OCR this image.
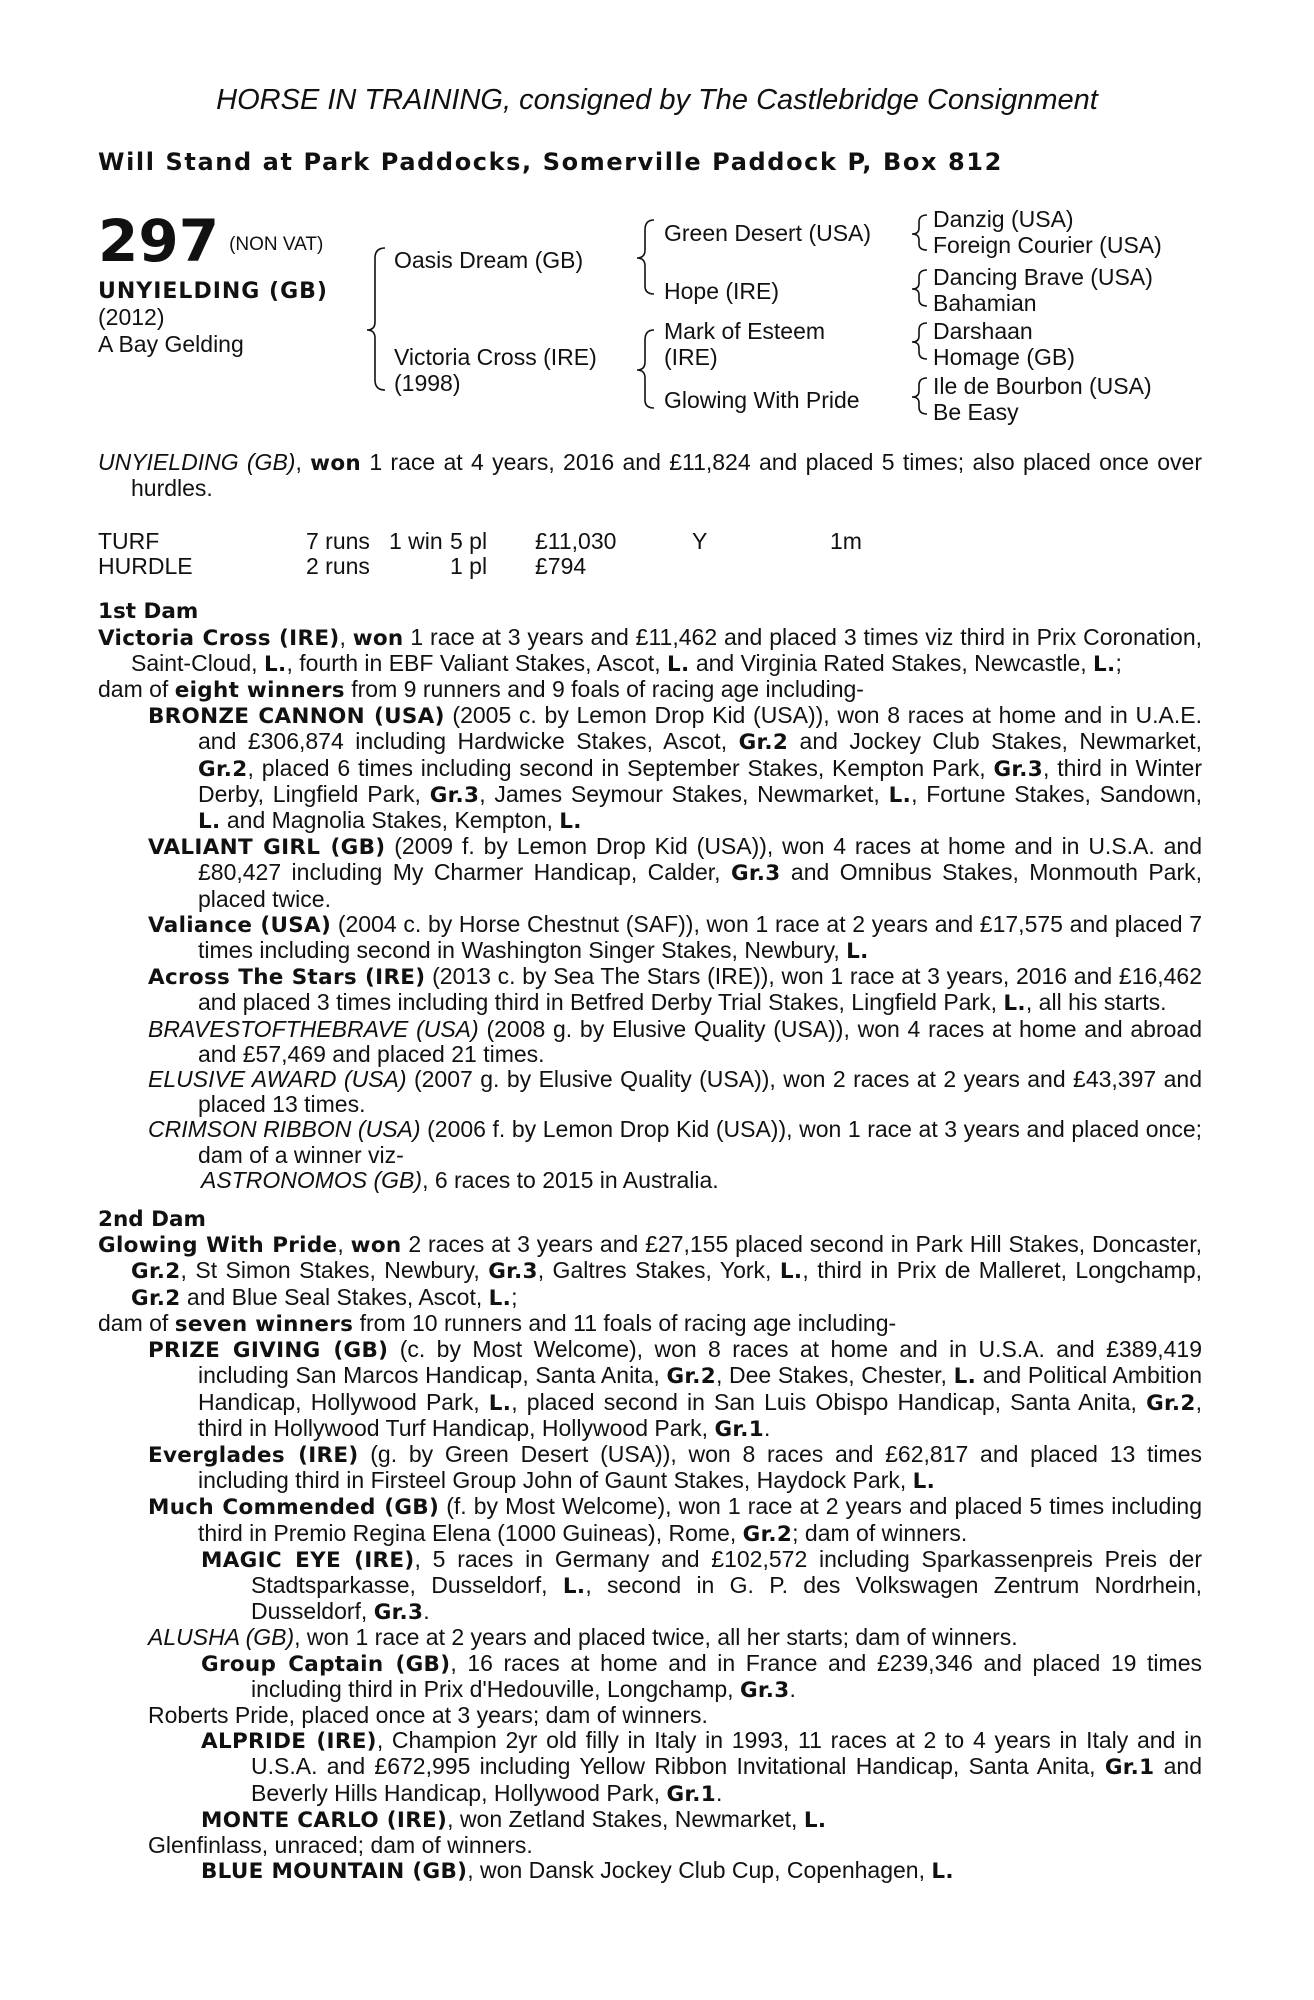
HORSE IN TRAINING, consigned by The Castlebridge Consignment
Will Stand at Park Paddocks, Somerville Paddock P, Box 812
297 (NON VAT)
UNYIELDING (GB)
(2012)
A Bay Gelding
Oasis Dream (GB)
Victoria Cross (IRE)
(1998)
Green Desert (USA)
Hope (IRE)
Mark of Esteem
(IRE)
Glowing With Pride
Danzig (USA)
Foreign Courier (USA)
Dancing Brave (USA)
Bahamian
Darshaan
Homage (GB)
Ile de Bourbon (USA)
Be Easy

UNYIELDING (GB), won 1 race at 4 years, 2016 and £11,824 and placed 5 times; also placed once over hurdles.

TURF	7 runs	1 win	5 pl	£11,030	Y	1m
HURDLE	2 runs		1 pl	£794		
1st Dam

Victoria Cross (IRE), won 1 race at 3 years and £11,462 and placed 3 times viz third in Prix Coronation, Saint-Cloud, L., fourth in EBF Valiant Stakes, Ascot, L. and Virginia Rated Stakes, Newcastle, L.;

dam of eight winners from 9 runners and 9 foals of racing age including-

BRONZE CANNON (USA) (2005 c. by Lemon Drop Kid (USA)), won 8 races at home and in U.A.E. and £306,874 including Hardwicke Stakes, Ascot, Gr.2 and Jockey Club Stakes, Newmarket, Gr.2, placed 6 times including second in September Stakes, Kempton Park, Gr.3, third in Winter Derby, Lingfield Park, Gr.3, James Seymour Stakes, Newmarket, L., Fortune Stakes, Sandown, L. and Magnolia Stakes, Kempton, L.

VALIANT GIRL (GB) (2009 f. by Lemon Drop Kid (USA)), won 4 races at home and in U.S.A. and £80,427 including My Charmer Handicap, Calder, Gr.3 and Omnibus Stakes, Monmouth Park, placed twice.

Valiance (USA) (2004 c. by Horse Chestnut (SAF)), won 1 race at 2 years and £17,575 and placed 7 times including second in Washington Singer Stakes, Newbury, L.

Across The Stars (IRE) (2013 c. by Sea The Stars (IRE)), won 1 race at 3 years, 2016 and £16,462 and placed 3 times including third in Betfred Derby Trial Stakes, Lingfield Park, L., all his starts.

BRAVESTOFTHEBRAVE (USA) (2008 g. by Elusive Quality (USA)), won 4 races at home and abroad and £57,469 and placed 21 times.

ELUSIVE AWARD (USA) (2007 g. by Elusive Quality (USA)), won 2 races at 2 years and £43,397 and placed 13 times.

CRIMSON RIBBON (USA) (2006 f. by Lemon Drop Kid (USA)), won 1 race at 3 years and placed once; dam of a winner viz-

ASTRONOMOS (GB), 6 races to 2015 in Australia.

2nd Dam

Glowing With Pride, won 2 races at 3 years and £27,155 placed second in Park Hill Stakes, Doncaster, Gr.2, St Simon Stakes, Newbury, Gr.3, Galtres Stakes, York, L., third in Prix de Malleret, Longchamp, Gr.2 and Blue Seal Stakes, Ascot, L.;

dam of seven winners from 10 runners and 11 foals of racing age including-

PRIZE GIVING (GB) (c. by Most Welcome), won 8 races at home and in U.S.A. and £389,419 including San Marcos Handicap, Santa Anita, Gr.2, Dee Stakes, Chester, L. and Political Ambition Handicap, Hollywood Park, L., placed second in San Luis Obispo Handicap, Santa Anita, Gr.2, third in Hollywood Turf Handicap, Hollywood Park, Gr.1.

Everglades (IRE) (g. by Green Desert (USA)), won 8 races and £62,817 and placed 13 times including third in Firsteel Group John of Gaunt Stakes, Haydock Park, L.

Much Commended (GB) (f. by Most Welcome), won 1 race at 2 years and placed 5 times including third in Premio Regina Elena (1000 Guineas), Rome, Gr.2; dam of winners.

MAGIC EYE (IRE), 5 races in Germany and £102,572 including Sparkassenpreis Preis der Stadtsparkasse, Dusseldorf, L., second in G. P. des Volkswagen Zentrum Nordrhein, Dusseldorf, Gr.3.

ALUSHA (GB), won 1 race at 2 years and placed twice, all her starts; dam of winners.

Group Captain (GB), 16 races at home and in France and £239,346 and placed 19 times including third in Prix d'Hedouville, Longchamp, Gr.3.

Roberts Pride, placed once at 3 years; dam of winners.

ALPRIDE (IRE), Champion 2yr old filly in Italy in 1993, 11 races at 2 to 4 years in Italy and in U.S.A. and £672,995 including Yellow Ribbon Invitational Handicap, Santa Anita, Gr.1 and Beverly Hills Handicap, Hollywood Park, Gr.1.

MONTE CARLO (IRE), won Zetland Stakes, Newmarket, L.

Glenfinlass, unraced; dam of winners.

BLUE MOUNTAIN (GB), won Dansk Jockey Club Cup, Copenhagen, L.
